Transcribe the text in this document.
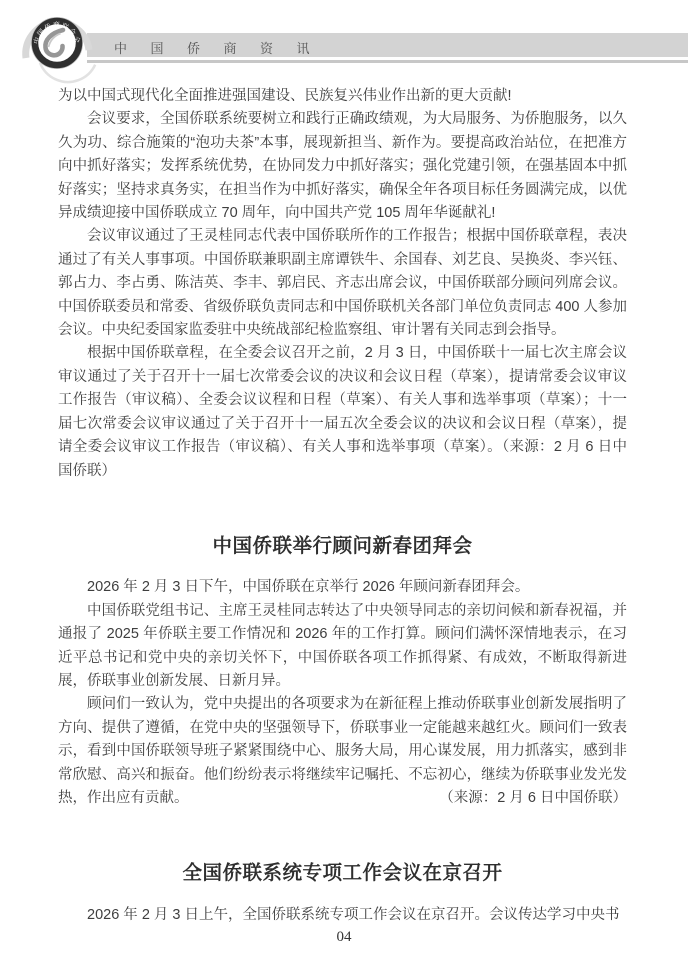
中国侨商资讯
中国侨商联合会

为以中国式现代化全面推进强国建设、民族复兴伟业作出新的更大贡献!

会议要求，全国侨联系统要树立和践行正确政绩观，为大局服务、为侨胞服务，以久久为功、综合施策的“泡功夫茶”本事，展现新担当、新作为。要提高政治站位，在把准方向中抓好落实；发挥系统优势，在协同发力中抓好落实；强化党建引领，在强基固本中抓好落实；坚持求真务实，在担当作为中抓好落实，确保全年各项目标任务圆满完成，以优异成绩迎接中国侨联成立 70 周年，向中国共产党 105 周年华诞献礼!

会议审议通过了王灵桂同志代表中国侨联所作的工作报告；根据中国侨联章程，表决通过了有关人事事项。中国侨联兼职副主席谭铁牛、余国春、刘艺良、吴换炎、李兴钰、郭占力、李占勇、陈洁英、李丰、郭启民、齐志出席会议，中国侨联部分顾问列席会议。中国侨联委员和常委、省级侨联负责同志和中国侨联机关各部门单位负责同志 400 人参加会议。中央纪委国家监委驻中央统战部纪检监察组、审计署有关同志到会指导。

根据中国侨联章程，在全委会议召开之前，2 月 3 日，中国侨联十一届七次主席会议审议通过了关于召开十一届七次常委会议的决议和会议日程（草案），提请常委会议审议工作报告（审议稿）、全委会议议程和日程（草案）、有关人事和选举事项（草案）；十一届七次常委会议审议通过了关于召开十一届五次全委会议的决议和会议日程（草案），提请全委会议审议工作报告（审议稿）、有关人事和选举事项（草案）。（来源：2 月 6 日中国侨联）

中国侨联举行顾问新春团拜会

2026 年 2 月 3 日下午，中国侨联在京举行 2026 年顾问新春团拜会。

中国侨联党组书记、主席王灵桂同志转达了中央领导同志的亲切问候和新春祝福，并通报了 2025 年侨联主要工作情况和 2026 年的工作打算。顾问们满怀深情地表示，在习近平总书记和党中央的亲切关怀下，中国侨联各项工作抓得紧、有成效，不断取得新进展，侨联事业创新发展、日新月异。

顾问们一致认为，党中央提出的各项要求为在新征程上推动侨联事业创新发展指明了方向、提供了遵循，在党中央的坚强领导下，侨联事业一定能越来越红火。顾问们一致表示，看到中国侨联领导班子紧紧围绕中心、服务大局，用心谋发展，用力抓落实，感到非常欣慰、高兴和振奋。他们纷纷表示将继续牢记嘱托、不忘初心，继续为侨联事业发光发热，作出应有贡献。	（来源：2 月 6 日中国侨联）

全国侨联系统专项工作会议在京召开

2026 年 2 月 3 日上午，全国侨联系统专项工作会议在京召开。会议传达学习中央书

04
